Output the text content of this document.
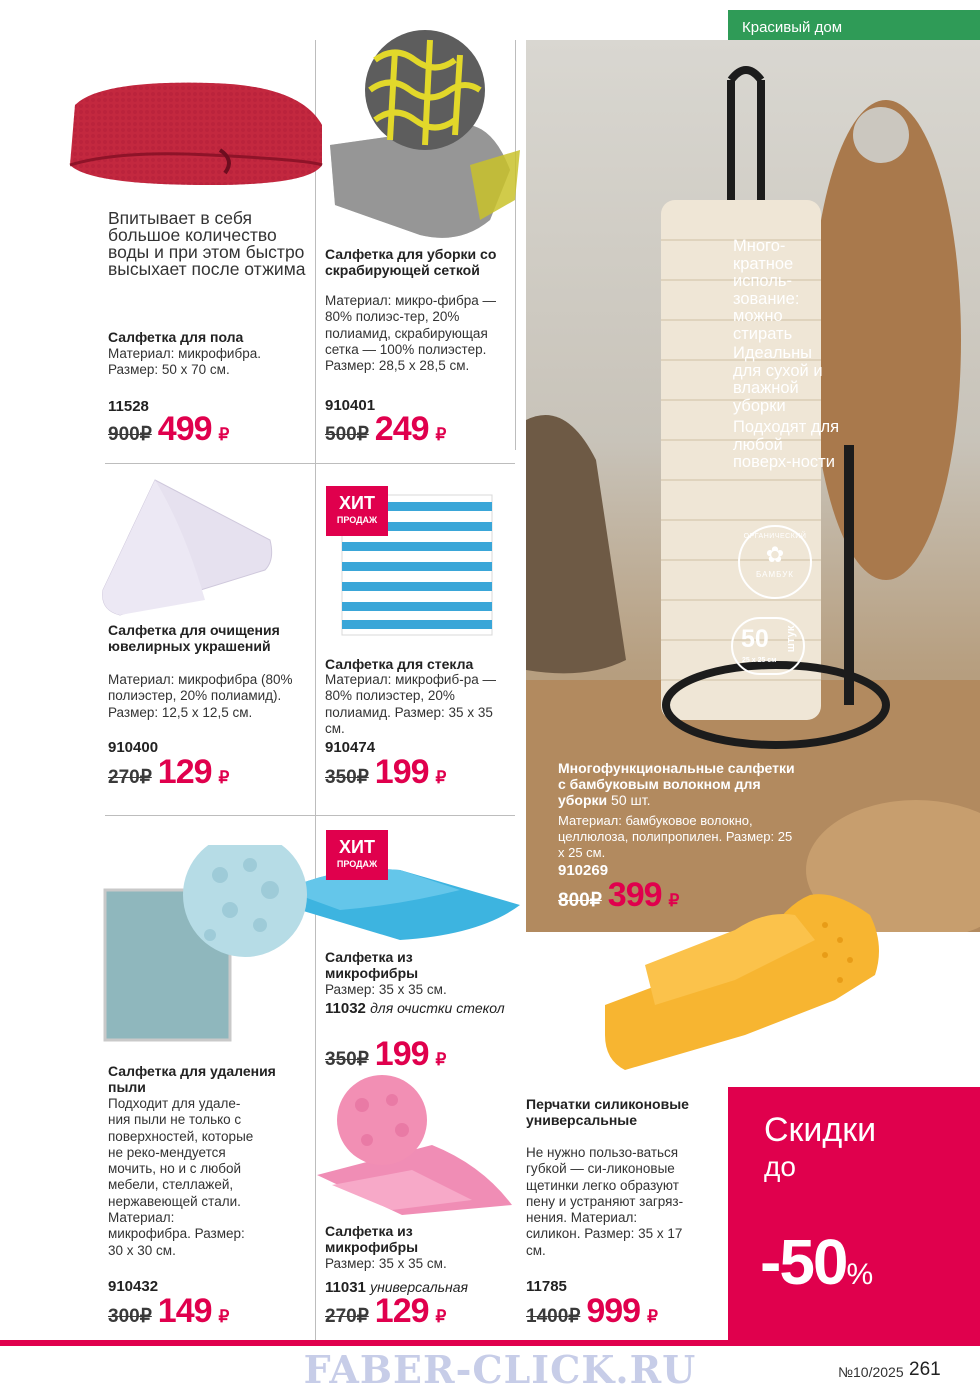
Красивый дом
Впитывает в себя большое количество воды и при этом быстро высыхает после отжима
Салфетка для пола
Материал: микрофибра. Размер: 50 х 70 см.
11528
900₽ 499 ₽
Салфетка для уборки со скрабирующей сеткой
Материал: микро-фибра — 80% полиэс-тер, 20% полиамид, скрабирующая сетка — 100% полиэстер. Размер: 28,5 х 28,5 см.
910401
500₽ 249 ₽
Салфетка для очищения ювелирных украшений
Материал: микрофибра (80% полиэстер, 20% полиамид). Размер: 12,5 х 12,5 см.
910400
270₽ 129 ₽
ХИТ
ПРОДАЖ
Салфетка для стекла
Материал: микрофиб-ра — 80% полиэстер, 20% полиамид. Размер: 35 х 35 см.
910474
350₽ 199 ₽
ХИТ
ПРОДАЖ
Салфетка из микрофибры
Размер: 35 х 35 см.
11032 для очистки стекол
350₽ 199 ₽
Салфетка для удаления пыли
Подходит для удале-ния пыли не только с поверхностей, которые не реко-мендуется мочить, но и с любой мебели, стеллажей, нержавеющей стали. Материал: микрофибра. Размер: 30 х 30 см.
910432
300₽ 149 ₽
Салфетка из микрофибры
Размер: 35 х 35 см.
11031 универсальная
270₽ 129 ₽
Много-кратное исполь-зование: можно стирать
Идеальны для сухой и влажной уборки
Подходят для любой поверх-ности
ОРГАНИЧЕСКИЙ
✿
БАМБУК
50 штук
25 х 25 см
Многофункциональные салфетки с бамбуковым волокном для уборки 50 шт.
Материал: бамбуковое волокно, целлюлоза, полипропилен. Размер: 25 х 25 см.
910269
800₽ 399 ₽
Перчатки силиконовые универсальные
Не нужно пользо-ваться губкой — си-ликоновые щетинки легко образуют пену и устраняют загряз-нения. Материал: силикон. Размер: 35 х 17 см.
11785
1400₽ 999 ₽
Скидки
до
-50%
FABER-CLICK.RU	№10/2025 261
